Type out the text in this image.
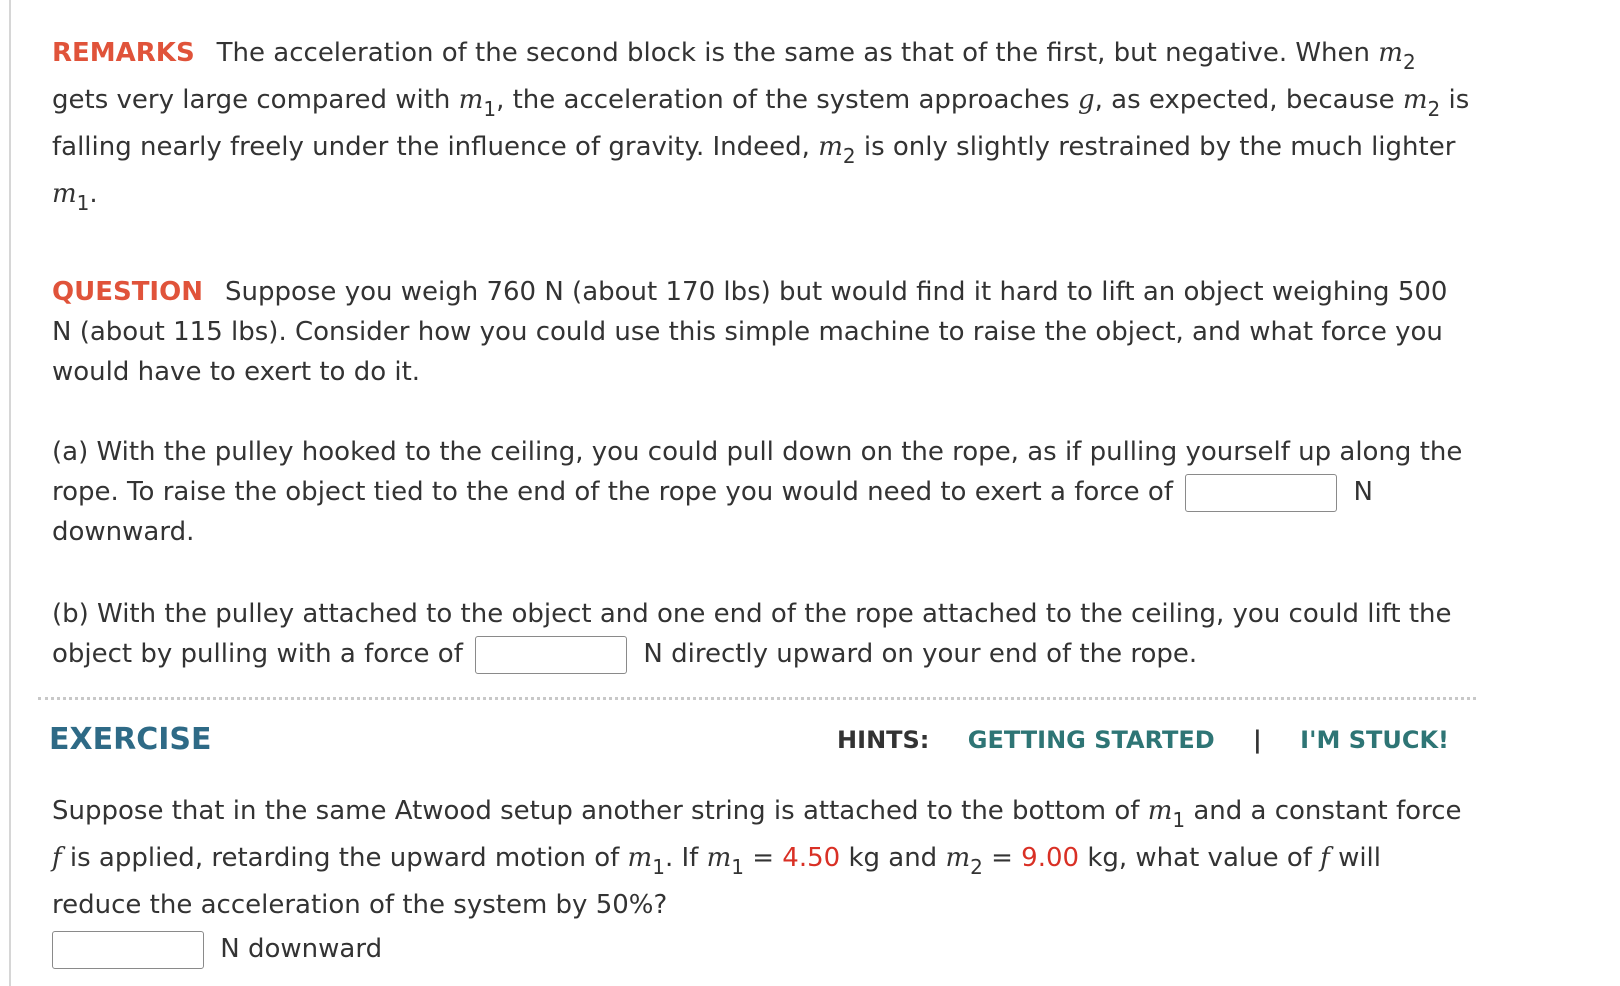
REMARKS The acceleration of the second block is the same as that of the first, but negative. When $m_2$ gets very large compared with $m_1$, the acceleration of the system approaches g, as expected, because $m_2$ is falling nearly freely under the influence of gravity. Indeed, $m_2$ is only slightly restrained by the much lighter $m_1$.

QUESTION Suppose you weigh 760 N (about 170 lbs) but would find it hard to lift an object weighing 500 N (about 115 lbs). Consider how you could use this simple machine to raise the object, and what force you would have to exert to do it.

(a) With the pulley hooked to the ceiling, you could pull down on the rope, as if pulling yourself up along the rope. To raise the object tied to the end of the rope you would need to exert a force of	N downward.

(b) With the pulley attached to the object and one end of the rope attached to the ceiling, you could lift the object by pulling with a force of	N directly upward on your end of the rope.

EXERCISE	HINTS: GETTING STARTED | I'M STUCK!

Suppose that in the same Atwood setup another string is attached to the bottom of $m_1$ and a constant force f is applied, retarding the upward motion of $m_1$. If $m_1 = 4.50$ kg and $m_2 = 9.00$ kg, what value of f will reduce the acceleration of the system by 50%?

N downward
